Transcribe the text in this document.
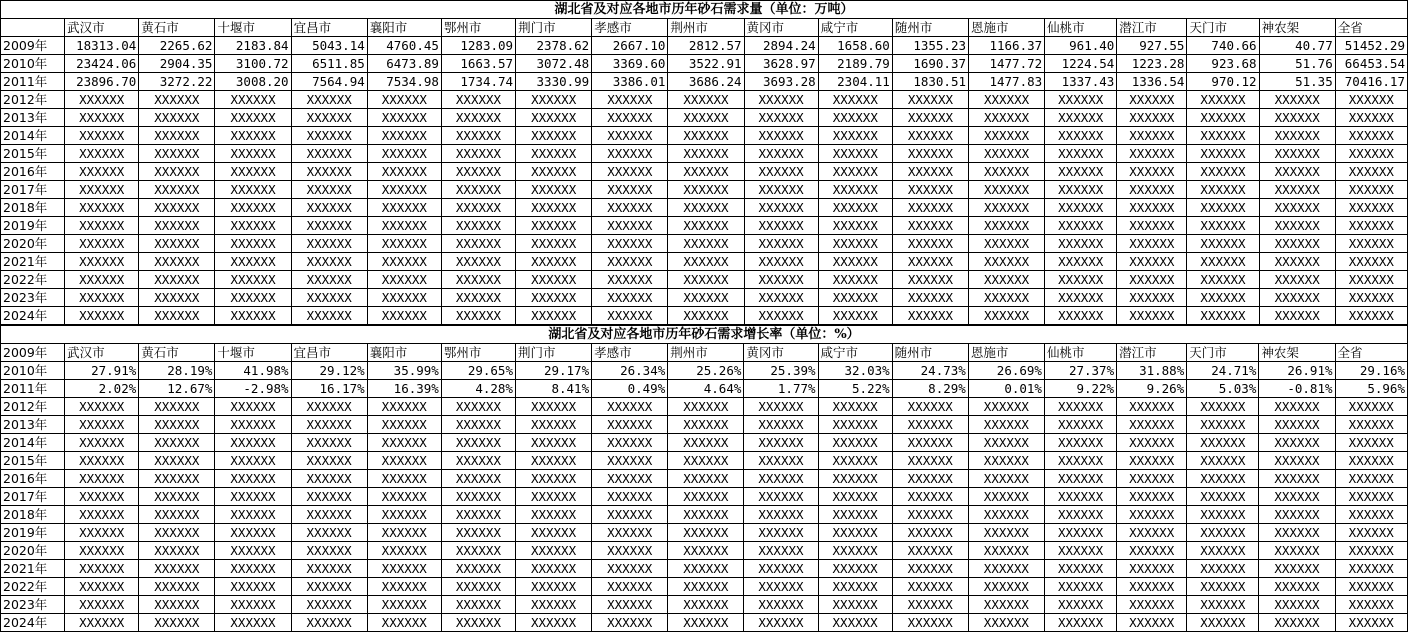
湖北省及对应各地市历年砂石需求量（单位：万吨）																		
	武汉市	黄石市	十堰市	宜昌市	襄阳市	鄂州市	荆门市	孝感市	荆州市	黄冈市	咸宁市	随州市	恩施市	仙桃市	潜江市	天门市	神农架	全省
2009年	18313.04	2265.62	2183.84	5043.14	4760.45	1283.09	2378.62	2667.10	2812.57	2894.24	1658.60	1355.23	1166.37	961.40	927.55	740.66	40.77	51452.29
2010年	23424.06	2904.35	3100.72	6511.85	6473.89	1663.57	3072.48	3369.60	3522.91	3628.97	2189.79	1690.37	1477.72	1224.54	1223.28	923.68	51.76	66453.54
2011年	23896.70	3272.22	3008.20	7564.94	7534.98	1734.74	3330.99	3386.01	3686.24	3693.28	2304.11	1830.51	1477.83	1337.43	1336.54	970.12	51.35	70416.17
2012年	XXXXXX	XXXXXX	XXXXXX	XXXXXX	XXXXXX	XXXXXX	XXXXXX	XXXXXX	XXXXXX	XXXXXX	XXXXXX	XXXXXX	XXXXXX	XXXXXX	XXXXXX	XXXXXX	XXXXXX	XXXXXX
2013年	XXXXXX	XXXXXX	XXXXXX	XXXXXX	XXXXXX	XXXXXX	XXXXXX	XXXXXX	XXXXXX	XXXXXX	XXXXXX	XXXXXX	XXXXXX	XXXXXX	XXXXXX	XXXXXX	XXXXXX	XXXXXX
2014年	XXXXXX	XXXXXX	XXXXXX	XXXXXX	XXXXXX	XXXXXX	XXXXXX	XXXXXX	XXXXXX	XXXXXX	XXXXXX	XXXXXX	XXXXXX	XXXXXX	XXXXXX	XXXXXX	XXXXXX	XXXXXX
2015年	XXXXXX	XXXXXX	XXXXXX	XXXXXX	XXXXXX	XXXXXX	XXXXXX	XXXXXX	XXXXXX	XXXXXX	XXXXXX	XXXXXX	XXXXXX	XXXXXX	XXXXXX	XXXXXX	XXXXXX	XXXXXX
2016年	XXXXXX	XXXXXX	XXXXXX	XXXXXX	XXXXXX	XXXXXX	XXXXXX	XXXXXX	XXXXXX	XXXXXX	XXXXXX	XXXXXX	XXXXXX	XXXXXX	XXXXXX	XXXXXX	XXXXXX	XXXXXX
2017年	XXXXXX	XXXXXX	XXXXXX	XXXXXX	XXXXXX	XXXXXX	XXXXXX	XXXXXX	XXXXXX	XXXXXX	XXXXXX	XXXXXX	XXXXXX	XXXXXX	XXXXXX	XXXXXX	XXXXXX	XXXXXX
2018年	XXXXXX	XXXXXX	XXXXXX	XXXXXX	XXXXXX	XXXXXX	XXXXXX	XXXXXX	XXXXXX	XXXXXX	XXXXXX	XXXXXX	XXXXXX	XXXXXX	XXXXXX	XXXXXX	XXXXXX	XXXXXX
2019年	XXXXXX	XXXXXX	XXXXXX	XXXXXX	XXXXXX	XXXXXX	XXXXXX	XXXXXX	XXXXXX	XXXXXX	XXXXXX	XXXXXX	XXXXXX	XXXXXX	XXXXXX	XXXXXX	XXXXXX	XXXXXX
2020年	XXXXXX	XXXXXX	XXXXXX	XXXXXX	XXXXXX	XXXXXX	XXXXXX	XXXXXX	XXXXXX	XXXXXX	XXXXXX	XXXXXX	XXXXXX	XXXXXX	XXXXXX	XXXXXX	XXXXXX	XXXXXX
2021年	XXXXXX	XXXXXX	XXXXXX	XXXXXX	XXXXXX	XXXXXX	XXXXXX	XXXXXX	XXXXXX	XXXXXX	XXXXXX	XXXXXX	XXXXXX	XXXXXX	XXXXXX	XXXXXX	XXXXXX	XXXXXX
2022年	XXXXXX	XXXXXX	XXXXXX	XXXXXX	XXXXXX	XXXXXX	XXXXXX	XXXXXX	XXXXXX	XXXXXX	XXXXXX	XXXXXX	XXXXXX	XXXXXX	XXXXXX	XXXXXX	XXXXXX	XXXXXX
2023年	XXXXXX	XXXXXX	XXXXXX	XXXXXX	XXXXXX	XXXXXX	XXXXXX	XXXXXX	XXXXXX	XXXXXX	XXXXXX	XXXXXX	XXXXXX	XXXXXX	XXXXXX	XXXXXX	XXXXXX	XXXXXX
2024年	XXXXXX	XXXXXX	XXXXXX	XXXXXX	XXXXXX	XXXXXX	XXXXXX	XXXXXX	XXXXXX	XXXXXX	XXXXXX	XXXXXX	XXXXXX	XXXXXX	XXXXXX	XXXXXX	XXXXXX	XXXXXX
湖北省及对应各地市历年砂石需求增长率（单位：%）																		
2009年	武汉市	黄石市	十堰市	宜昌市	襄阳市	鄂州市	荆门市	孝感市	荆州市	黄冈市	咸宁市	随州市	恩施市	仙桃市	潜江市	天门市	神农架	全省
2010年	27.91%	28.19%	41.98%	29.12%	35.99%	29.65%	29.17%	26.34%	25.26%	25.39%	32.03%	24.73%	26.69%	27.37%	31.88%	24.71%	26.91%	29.16%
2011年	2.02%	12.67%	-2.98%	16.17%	16.39%	4.28%	8.41%	0.49%	4.64%	1.77%	5.22%	8.29%	0.01%	9.22%	9.26%	5.03%	-0.81%	5.96%
2012年	XXXXXX	XXXXXX	XXXXXX	XXXXXX	XXXXXX	XXXXXX	XXXXXX	XXXXXX	XXXXXX	XXXXXX	XXXXXX	XXXXXX	XXXXXX	XXXXXX	XXXXXX	XXXXXX	XXXXXX	XXXXXX
2013年	XXXXXX	XXXXXX	XXXXXX	XXXXXX	XXXXXX	XXXXXX	XXXXXX	XXXXXX	XXXXXX	XXXXXX	XXXXXX	XXXXXX	XXXXXX	XXXXXX	XXXXXX	XXXXXX	XXXXXX	XXXXXX
2014年	XXXXXX	XXXXXX	XXXXXX	XXXXXX	XXXXXX	XXXXXX	XXXXXX	XXXXXX	XXXXXX	XXXXXX	XXXXXX	XXXXXX	XXXXXX	XXXXXX	XXXXXX	XXXXXX	XXXXXX	XXXXXX
2015年	XXXXXX	XXXXXX	XXXXXX	XXXXXX	XXXXXX	XXXXXX	XXXXXX	XXXXXX	XXXXXX	XXXXXX	XXXXXX	XXXXXX	XXXXXX	XXXXXX	XXXXXX	XXXXXX	XXXXXX	XXXXXX
2016年	XXXXXX	XXXXXX	XXXXXX	XXXXXX	XXXXXX	XXXXXX	XXXXXX	XXXXXX	XXXXXX	XXXXXX	XXXXXX	XXXXXX	XXXXXX	XXXXXX	XXXXXX	XXXXXX	XXXXXX	XXXXXX
2017年	XXXXXX	XXXXXX	XXXXXX	XXXXXX	XXXXXX	XXXXXX	XXXXXX	XXXXXX	XXXXXX	XXXXXX	XXXXXX	XXXXXX	XXXXXX	XXXXXX	XXXXXX	XXXXXX	XXXXXX	XXXXXX
2018年	XXXXXX	XXXXXX	XXXXXX	XXXXXX	XXXXXX	XXXXXX	XXXXXX	XXXXXX	XXXXXX	XXXXXX	XXXXXX	XXXXXX	XXXXXX	XXXXXX	XXXXXX	XXXXXX	XXXXXX	XXXXXX
2019年	XXXXXX	XXXXXX	XXXXXX	XXXXXX	XXXXXX	XXXXXX	XXXXXX	XXXXXX	XXXXXX	XXXXXX	XXXXXX	XXXXXX	XXXXXX	XXXXXX	XXXXXX	XXXXXX	XXXXXX	XXXXXX
2020年	XXXXXX	XXXXXX	XXXXXX	XXXXXX	XXXXXX	XXXXXX	XXXXXX	XXXXXX	XXXXXX	XXXXXX	XXXXXX	XXXXXX	XXXXXX	XXXXXX	XXXXXX	XXXXXX	XXXXXX	XXXXXX
2021年	XXXXXX	XXXXXX	XXXXXX	XXXXXX	XXXXXX	XXXXXX	XXXXXX	XXXXXX	XXXXXX	XXXXXX	XXXXXX	XXXXXX	XXXXXX	XXXXXX	XXXXXX	XXXXXX	XXXXXX	XXXXXX
2022年	XXXXXX	XXXXXX	XXXXXX	XXXXXX	XXXXXX	XXXXXX	XXXXXX	XXXXXX	XXXXXX	XXXXXX	XXXXXX	XXXXXX	XXXXXX	XXXXXX	XXXXXX	XXXXXX	XXXXXX	XXXXXX
2023年	XXXXXX	XXXXXX	XXXXXX	XXXXXX	XXXXXX	XXXXXX	XXXXXX	XXXXXX	XXXXXX	XXXXXX	XXXXXX	XXXXXX	XXXXXX	XXXXXX	XXXXXX	XXXXXX	XXXXXX	XXXXXX
2024年	XXXXXX	XXXXXX	XXXXXX	XXXXXX	XXXXXX	XXXXXX	XXXXXX	XXXXXX	XXXXXX	XXXXXX	XXXXXX	XXXXXX	XXXXXX	XXXXXX	XXXXXX	XXXXXX	XXXXXX	XXXXXX
